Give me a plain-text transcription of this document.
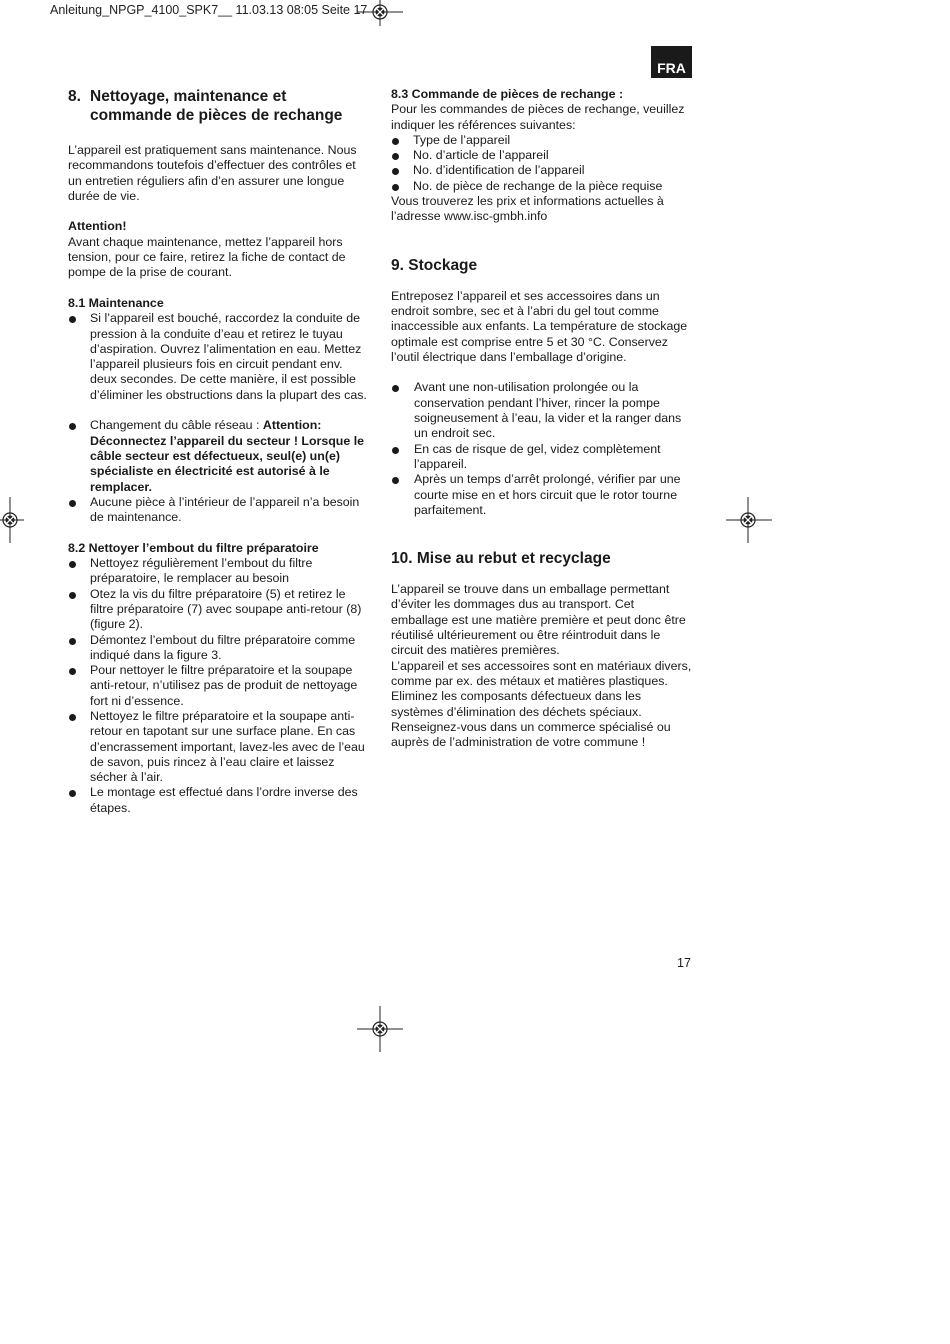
Anleitung_NPGP_4100_SPK7__ 11.03.13 08:05 Seite 17
FRA
8. Nettoyage, maintenance et
commande de pièces de rechange

L’appareil est pratiquement sans maintenance. Nous recommandons toutefois d’effectuer des contrôles et un entretien réguliers afin d’en assurer une longue durée de vie.

Attention!

Avant chaque maintenance, mettez l’appareil hors tension, pour ce faire, retirez la fiche de contact de pompe de la prise de courant.

8.1 Maintenance

Si l’appareil est bouché, raccordez la conduite de pression à la conduite d’eau et retirez le tuyau d’aspiration. Ouvrez l’alimentation en eau. Mettez l’appareil plusieurs fois en circuit pendant env. deux secondes. De cette manière, il est possible d’éliminer les obstructions dans la plupart des cas.
Changement du câble réseau : Attention: Déconnectez l’appareil du secteur ! Lorsque le câble secteur est défectueux, seul(e) un(e) spécialiste en électricité est autorisé à le remplacer.
Aucune pièce à l’intérieur de l’appareil n’a besoin de maintenance.

8.2 Nettoyer l’embout du filtre préparatoire

Nettoyez régulièrement l’embout du filtre préparatoire, le remplacer au besoin
Otez la vis du filtre préparatoire (5) et retirez le filtre préparatoire (7) avec soupape anti-retour (8) (figure 2).
Démontez l’embout du filtre préparatoire comme indiqué dans la figure 3.
Pour nettoyer le filtre préparatoire et la soupape anti-retour, n’utilisez pas de produit de nettoyage fort ni d’essence.
Nettoyez le filtre préparatoire et la soupape anti-retour en tapotant sur une surface plane. En cas d’encrassement important, lavez-les avec de l’eau de savon, puis rincez à l’eau claire et laissez sécher à l’air.
Le montage est effectué dans l’ordre inverse des étapes.

8.3 Commande de pièces de rechange :

Pour les commandes de pièces de rechange, veuillez indiquer les références suivantes:

Type de l’appareil
No. d’article de l’appareil
No. d’identification de l’appareil
No. de pièce de rechange de la pièce requise

Vous trouverez les prix et informations actuelles à l’adresse www.isc-gmbh.info

9. Stockage

Entreposez l’appareil et ses accessoires dans un endroit sombre, sec et à l’abri du gel tout comme inaccessible aux enfants. La température de stockage optimale est comprise entre 5 et 30 °C. Conservez l’outil électrique dans l’emballage d’origine.

Avant une non-utilisation prolongée ou la conservation pendant l’hiver, rincer la pompe soigneusement à l’eau, la vider et la ranger dans un endroit sec.
En cas de risque de gel, videz complètement l’appareil.
Après un temps d’arrêt prolongé, vérifier par une courte mise en et hors circuit que le rotor tourne parfaitement.
10. Mise au rebut et recyclage

L’appareil se trouve dans un emballage permettant d’éviter les dommages dus au transport. Cet emballage est une matière première et peut donc être réutilisé ultérieurement ou être réintroduit dans le circuit des matières premières.

L’appareil et ses accessoires sont en matériaux divers, comme par ex. des métaux et matières plastiques. Eliminez les composants défectueux dans les systèmes d’élimination des déchets spéciaux. Renseignez-vous dans un commerce spécialisé ou auprès de l’administration de votre commune !

17
